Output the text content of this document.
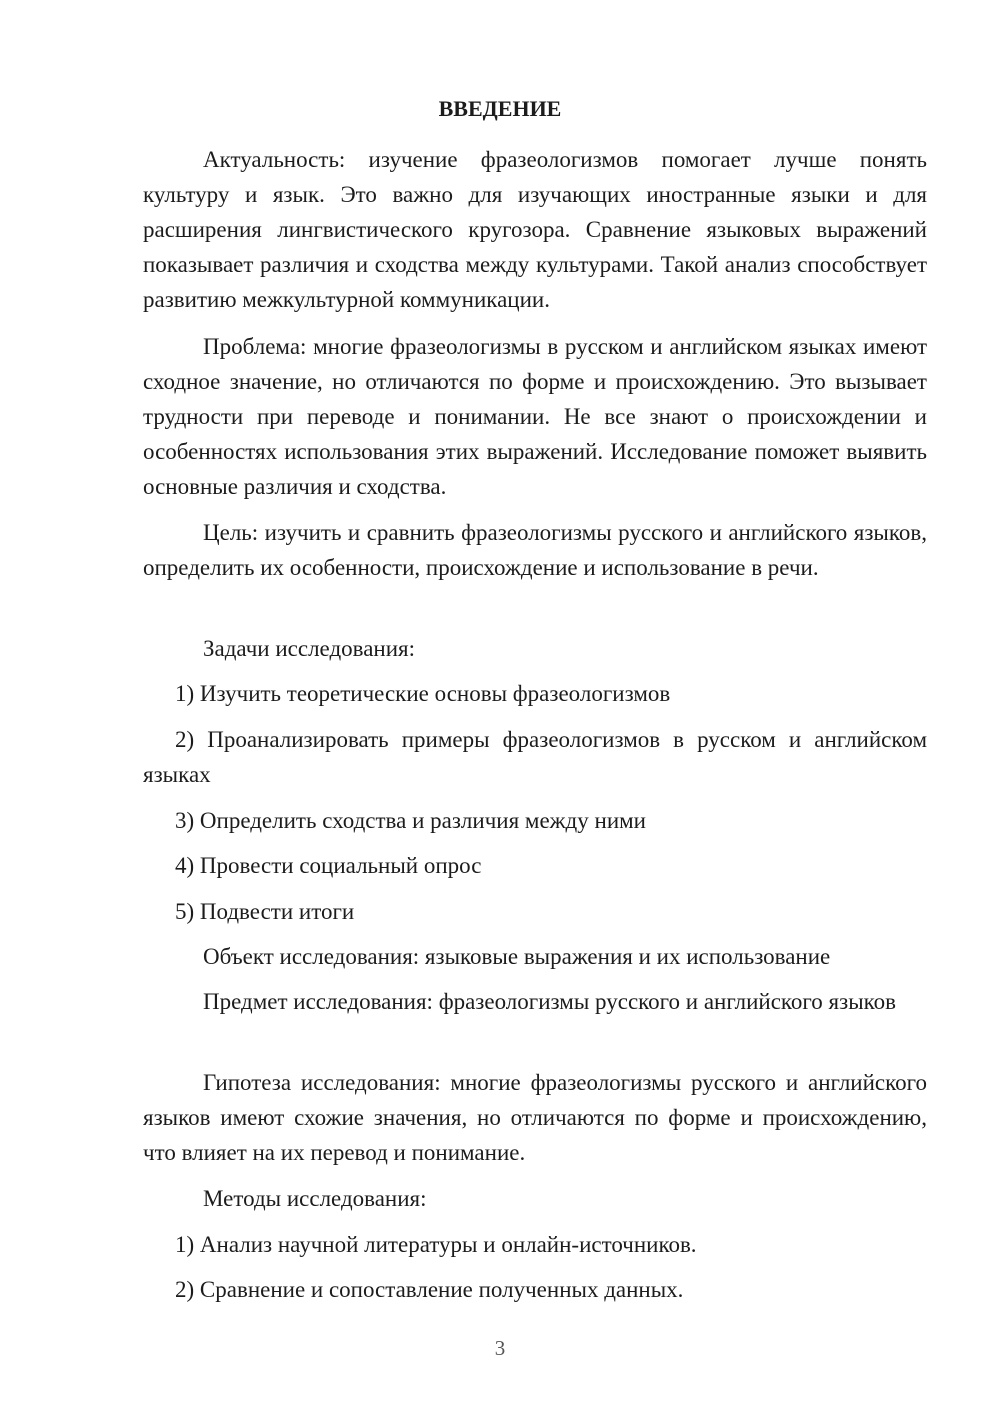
ВВЕДЕНИЕ

Актуальность: изучение фразеологизмов помогает лучше понять культуру и язык. Это важно для изучающих иностранные языки и для расширения лингвистического кругозора. Сравнение языковых выражений показывает различия и сходства между культурами. Такой анализ способствует развитию межкультурной коммуникации.

Проблема: многие фразеологизмы в русском и английском языках имеют сходное значение, но отличаются по форме и происхождению. Это вызывает трудности при переводе и понимании. Не все знают о происхождении и особенностях использования этих выражений. Исследование поможет выявить основные различия и сходства.

Цель: изучить и сравнить фразеологизмы русского и английского языков, определить их особенности, происхождение и использование в речи.

Задачи исследования:

1) Изучить теоретические основы фразеологизмов

2) Проанализировать примеры фразеологизмов в русском и английском языках

3) Определить сходства и различия между ними

4) Провести социальный опрос

5) Подвести итоги

Объект исследования: языковые выражения и их использование

Предмет исследования: фразеологизмы русского и английского языков

Гипотеза исследования: многие фразеологизмы русского и английского языков имеют схожие значения, но отличаются по форме и происхождению, что влияет на их перевод и понимание.

Методы исследования:

1) Анализ научной литературы и онлайн-источников.

2) Сравнение и сопоставление полученных данных.

3
